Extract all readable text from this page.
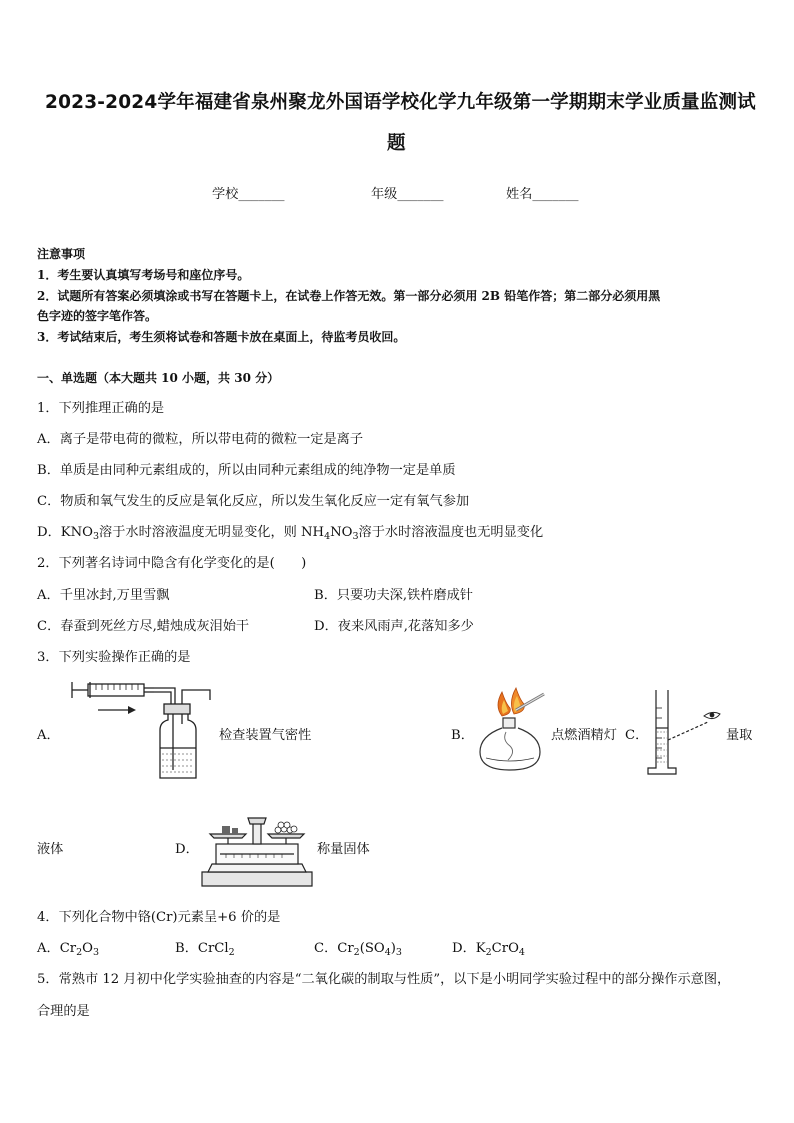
2023-2024学年福建省泉州聚龙外国语学校化学九年级第一学期期末学业质量监测试
题
学校_______	年级_______	姓名_______
注意事项
1．考生要认真填写考场号和座位序号。
2．试题所有答案必须填涂或书写在答题卡上，在试卷上作答无效。第一部分必须用 2B 铅笔作答；第二部分必须用黑
色字迹的签字笔作答。
3．考试结束后，考生须将试卷和答题卡放在桌面上，待监考员收回。
一、单选题（本大题共 10 小题，共 30 分）
1．下列推理正确的是
A．离子是带电荷的微粒，所以带电荷的微粒一定是离子
B．单质是由同种元素组成的，所以由同种元素组成的纯净物一定是单质
C．物质和氧气发生的反应是氧化反应，所以发生氧化反应一定有氧气参加
D．$KNO_3$溶于水时溶液温度无明显变化，则 $NH_4NO_3$溶于水时溶液温度也无明显变化
2．下列著名诗词中隐含有化学变化的是(　　)
A．千里冰封,万里雪飘	B．只要功夫深,铁杵磨成针
C．春蚕到死丝方尽,蜡烛成灰泪始干	D．夜来风雨声,花落知多少
3．下列实验操作正确的是
A．	检查装置气密性	B．	点燃酒精灯 C．	量取
液体	D．	称量固体
4．下列化合物中铬(Cr)元素呈+6 价的是
A．$Cr_2O_3$	B．CrCl$_2$	C．$Cr_2(SO_4)_3$	D．$K_2CrO_4$
5．常熟市 12 月初中化学实验抽查的内容是“二氧化碳的制取与性质”，以下是小明同学实验过程中的部分操作示意图，
合理的是
